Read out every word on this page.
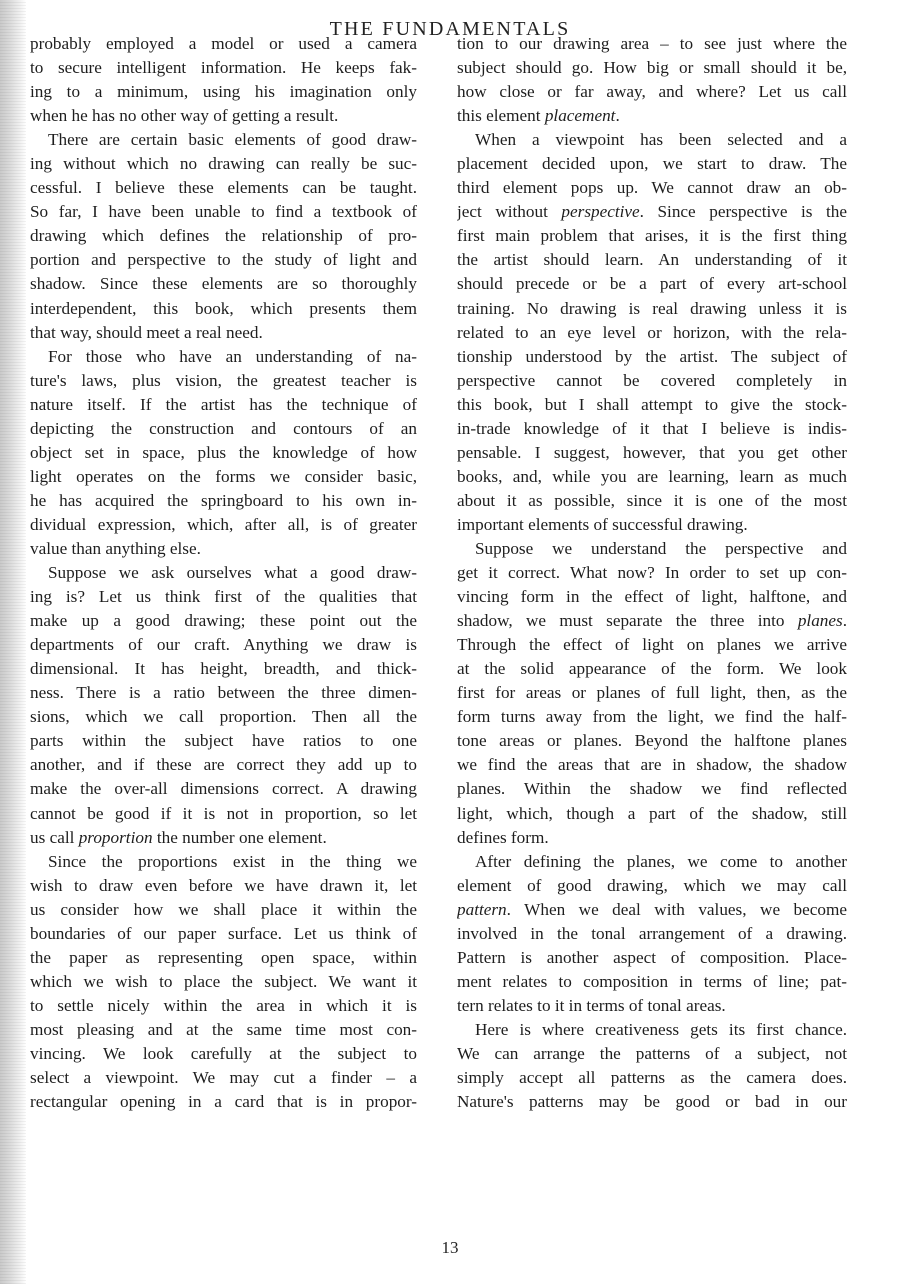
THE FUNDAMENTALS
probably employed a model or used a camera
to secure intelligent information. He keeps fak-
ing to a minimum, using his imagination only
when he has no other way of getting a result.
There are certain basic elements of good draw-
ing without which no drawing can really be suc-
cessful. I believe these elements can be taught.
So far, I have been unable to find a textbook of
drawing which defines the relationship of pro-
portion and perspective to the study of light and
shadow. Since these elements are so thoroughly
interdependent, this book, which presents them
that way, should meet a real need.
For those who have an understanding of na-
ture's laws, plus vision, the greatest teacher is
nature itself. If the artist has the technique of
depicting the construction and contours of an
object set in space, plus the knowledge of how
light operates on the forms we consider basic,
he has acquired the springboard to his own in-
dividual expression, which, after all, is of greater
value than anything else.
Suppose we ask ourselves what a good draw-
ing is? Let us think first of the qualities that
make up a good drawing; these point out the
departments of our craft. Anything we draw is
dimensional. It has height, breadth, and thick-
ness. There is a ratio between the three dimen-
sions, which we call proportion. Then all the
parts within the subject have ratios to one
another, and if these are correct they add up to
make the over-all dimensions correct. A drawing
cannot be good if it is not in proportion, so let
us call proportion the number one element.
Since the proportions exist in the thing we
wish to draw even before we have drawn it, let
us consider how we shall place it within the
boundaries of our paper surface. Let us think of
the paper as representing open space, within
which we wish to place the subject. We want it
to settle nicely within the area in which it is
most pleasing and at the same time most con-
vincing. We look carefully at the subject to
select a viewpoint. We may cut a finder – a
rectangular opening in a card that is in propor-
tion to our drawing area – to see just where the
subject should go. How big or small should it be,
how close or far away, and where? Let us call
this element placement.
When a viewpoint has been selected and a
placement decided upon, we start to draw. The
third element pops up. We cannot draw an ob-
ject without perspective. Since perspective is the
first main problem that arises, it is the first thing
the artist should learn. An understanding of it
should precede or be a part of every art-school
training. No drawing is real drawing unless it is
related to an eye level or horizon, with the rela-
tionship understood by the artist. The subject of
perspective cannot be covered completely in
this book, but I shall attempt to give the stock-
in-trade knowledge of it that I believe is indis-
pensable. I suggest, however, that you get other
books, and, while you are learning, learn as much
about it as possible, since it is one of the most
important elements of successful drawing.
Suppose we understand the perspective and
get it correct. What now? In order to set up con-
vincing form in the effect of light, halftone, and
shadow, we must separate the three into planes.
Through the effect of light on planes we arrive
at the solid appearance of the form. We look
first for areas or planes of full light, then, as the
form turns away from the light, we find the half-
tone areas or planes. Beyond the halftone planes
we find the areas that are in shadow, the shadow
planes. Within the shadow we find reflected
light, which, though a part of the shadow, still
defines form.
After defining the planes, we come to another
element of good drawing, which we may call
pattern. When we deal with values, we become
involved in the tonal arrangement of a drawing.
Pattern is another aspect of composition. Place-
ment relates to composition in terms of line; pat-
tern relates to it in terms of tonal areas.
Here is where creativeness gets its first chance.
We can arrange the patterns of a subject, not
simply accept all patterns as the camera does.
Nature's patterns may be good or bad in our
13
